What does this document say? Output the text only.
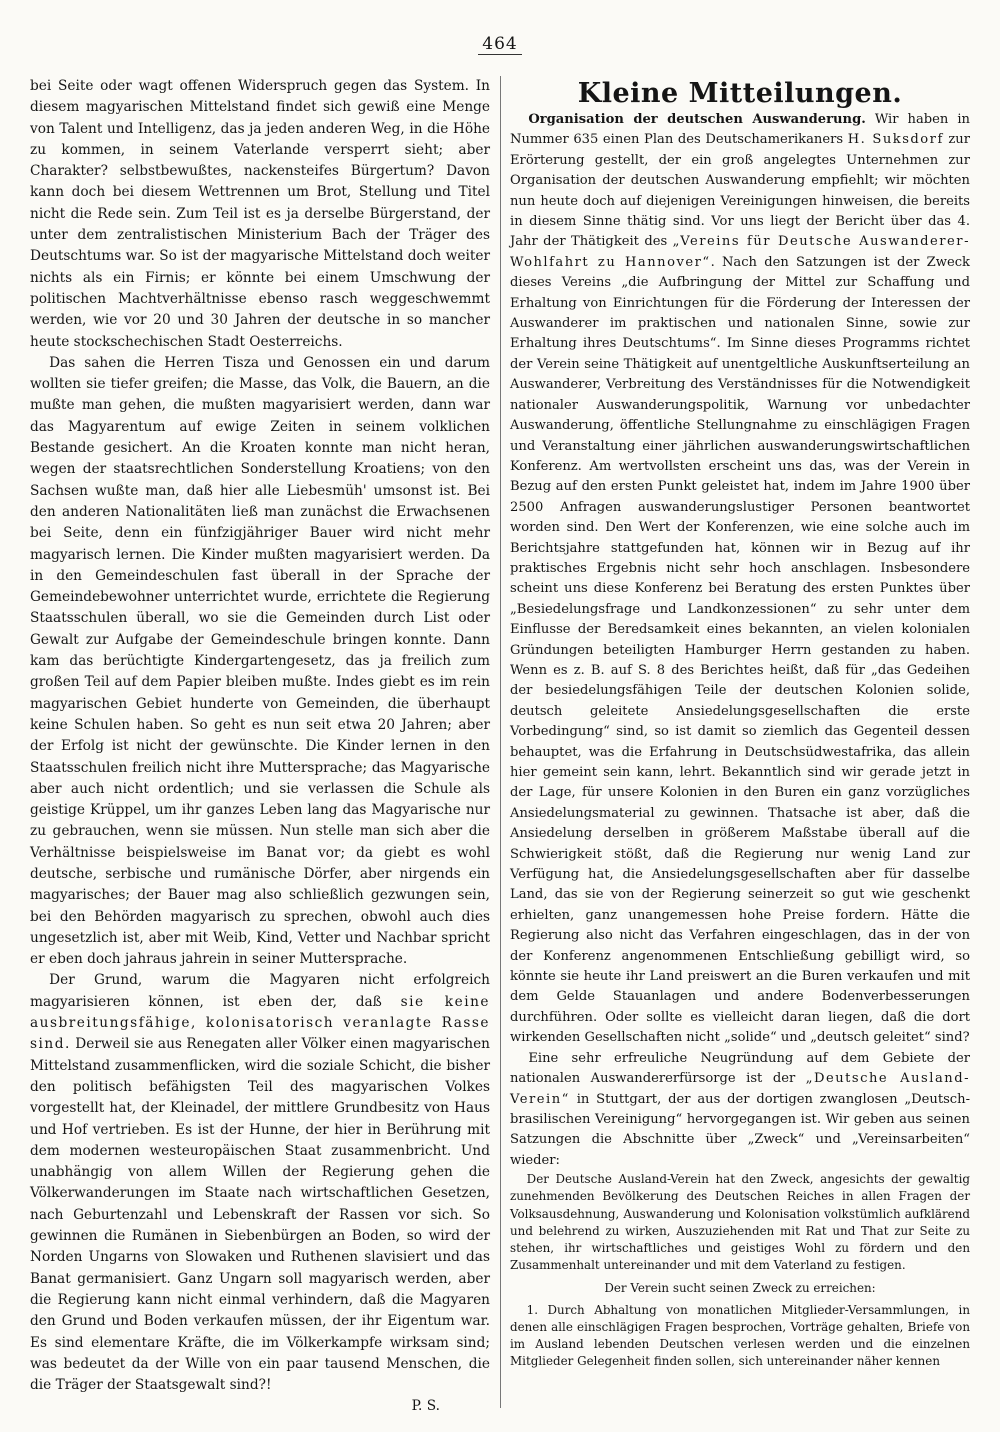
464

bei Seite oder wagt offenen Widerspruch gegen das System. In diesem magyarischen Mittelstand findet sich gewiß eine Menge von Talent und Intelligenz, das ja jeden anderen Weg, in die Höhe zu kommen, in seinem Vaterlande versperrt sieht; aber Charakter? selbstbewußtes, nackensteifes Bürgertum? Davon kann doch bei diesem Wettrennen um Brot, Stellung und Titel nicht die Rede sein. Zum Teil ist es ja derselbe Bürgerstand, der unter dem zentralistischen Ministerium Bach der Träger des Deutschtums war. So ist der magyarische Mittelstand doch weiter nichts als ein Firnis; er könnte bei einem Umschwung der politischen Machtverhältnisse ebenso rasch weggeschwemmt werden, wie vor 20 und 30 Jahren der deutsche in so mancher heute stockschechischen Stadt Oesterreichs.

Das sahen die Herren Tisza und Genossen ein und darum wollten sie tiefer greifen; die Masse, das Volk, die Bauern, an die mußte man gehen, die mußten magyarisiert werden, dann war das Magyarentum auf ewige Zeiten in seinem volklichen Bestande gesichert. An die Kroaten konnte man nicht heran, wegen der staatsrechtlichen Sonderstellung Kroatiens; von den Sachsen wußte man, daß hier alle Liebesmüh' umsonst ist. Bei den anderen Nationalitäten ließ man zunächst die Erwachsenen bei Seite, denn ein fünfzigjähriger Bauer wird nicht mehr magyarisch lernen. Die Kinder mußten magyarisiert werden. Da in den Gemeindeschulen fast überall in der Sprache der Gemeindebewohner unterrichtet wurde, errichtete die Regierung Staatsschulen überall, wo sie die Gemeinden durch List oder Gewalt zur Aufgabe der Gemeindeschule bringen konnte. Dann kam das berüchtigte Kindergartengesetz, das ja freilich zum großen Teil auf dem Papier bleiben mußte. Indes giebt es im rein magyarischen Gebiet hunderte von Gemeinden, die überhaupt keine Schulen haben. So geht es nun seit etwa 20 Jahren; aber der Erfolg ist nicht der gewünschte. Die Kinder lernen in den Staatsschulen freilich nicht ihre Muttersprache; das Magyarische aber auch nicht ordentlich; und sie verlassen die Schule als geistige Krüppel, um ihr ganzes Leben lang das Magyarische nur zu gebrauchen, wenn sie müssen. Nun stelle man sich aber die Verhältnisse beispielsweise im Banat vor; da giebt es wohl deutsche, serbische und rumänische Dörfer, aber nirgends ein magyarisches; der Bauer mag also schließlich gezwungen sein, bei den Behörden magyarisch zu sprechen, obwohl auch dies ungesetzlich ist, aber mit Weib, Kind, Vetter und Nachbar spricht er eben doch jahraus jahrein in seiner Muttersprache.

Der Grund, warum die Magyaren nicht erfolgreich magyarisieren können, ist eben der, daß sie keine ausbreitungsfähige, kolonisatorisch veranlagte Rasse sind. Derweil sie aus Renegaten aller Völker einen magyarischen Mittelstand zusammenflicken, wird die soziale Schicht, die bisher den politisch befähigsten Teil des magyarischen Volkes vorgestellt hat, der Kleinadel, der mittlere Grundbesitz von Haus und Hof vertrieben. Es ist der Hunne, der hier in Berührung mit dem modernen westeuropäischen Staat zusammenbricht. Und unabhängig von allem Willen der Regierung gehen die Völkerwanderungen im Staate nach wirtschaftlichen Gesetzen, nach Geburtenzahl und Lebenskraft der Rassen vor sich. So gewinnen die Rumänen in Siebenbürgen an Boden, so wird der Norden Ungarns von Slowaken und Ruthenen slavisiert und das Banat germanisiert. Ganz Ungarn soll magyarisch werden, aber die Regierung kann nicht einmal verhindern, daß die Magyaren den Grund und Boden verkaufen müssen, der ihr Eigentum war. Es sind elementare Kräfte, die im Völkerkampfe wirksam sind; was bedeutet da der Wille von ein paar tausend Menschen, die die Träger der Staatsgewalt sind?!

P. S.
Kleine Mitteilungen.

Organisation der deutschen Auswanderung. Wir haben in Nummer 635 einen Plan des Deutschamerikaners H. Suksdorf zur Erörterung gestellt, der ein groß angelegtes Unternehmen zur Organisation der deutschen Auswanderung empfiehlt; wir möchten nun heute doch auf diejenigen Vereinigungen hinweisen, die bereits in diesem Sinne thätig sind. Vor uns liegt der Bericht über das 4. Jahr der Thätigkeit des „Vereins für Deutsche Auswanderer-Wohlfahrt zu Hannover“. Nach den Satzungen ist der Zweck dieses Vereins „die Aufbringung der Mittel zur Schaffung und Erhaltung von Einrichtungen für die Förderung der Interessen der Auswanderer im praktischen und nationalen Sinne, sowie zur Erhaltung ihres Deutschtums“. Im Sinne dieses Programms richtet der Verein seine Thätigkeit auf unentgeltliche Auskunftserteilung an Auswanderer, Verbreitung des Verständnisses für die Notwendigkeit nationaler Auswanderungspolitik, Warnung vor unbedachter Auswanderung, öffentliche Stellungnahme zu einschlägigen Fragen und Veranstaltung einer jährlichen auswanderungswirtschaftlichen Konferenz. Am wertvollsten erscheint uns das, was der Verein in Bezug auf den ersten Punkt geleistet hat, indem im Jahre 1900 über 2500 Anfragen auswanderungslustiger Personen beantwortet worden sind. Den Wert der Konferenzen, wie eine solche auch im Berichtsjahre stattgefunden hat, können wir in Bezug auf ihr praktisches Ergebnis nicht sehr hoch anschlagen. Insbesondere scheint uns diese Konferenz bei Beratung des ersten Punktes über „Besiedelungsfrage und Landkonzessionen“ zu sehr unter dem Einflusse der Beredsamkeit eines bekannten, an vielen kolonialen Gründungen beteiligten Hamburger Herrn gestanden zu haben. Wenn es z. B. auf S. 8 des Berichtes heißt, daß für „das Gedeihen der besiedelungsfähigen Teile der deutschen Kolonien solide, deutsch geleitete Ansiedelungsgesellschaften die erste Vorbedingung“ sind, so ist damit so ziemlich das Gegenteil dessen behauptet, was die Erfahrung in Deutschsüdwestafrika, das allein hier gemeint sein kann, lehrt. Bekanntlich sind wir gerade jetzt in der Lage, für unsere Kolonien in den Buren ein ganz vorzügliches Ansiedelungsmaterial zu gewinnen. Thatsache ist aber, daß die Ansiedelung derselben in größerem Maßstabe überall auf die Schwierigkeit stößt, daß die Regierung nur wenig Land zur Verfügung hat, die Ansiedelungsgesellschaften aber für dasselbe Land, das sie von der Regierung seinerzeit so gut wie geschenkt erhielten, ganz unangemessen hohe Preise fordern. Hätte die Regierung also nicht das Verfahren eingeschlagen, das in der von der Konferenz angenommenen Entschließung gebilligt wird, so könnte sie heute ihr Land preiswert an die Buren verkaufen und mit dem Gelde Stauanlagen und andere Bodenverbesserungen durchführen. Oder sollte es vielleicht daran liegen, daß die dort wirkenden Gesellschaften nicht „solide“ und „deutsch geleitet“ sind?

Eine sehr erfreuliche Neugründung auf dem Gebiete der nationalen Auswandererfürsorge ist der „Deutsche Ausland-Verein“ in Stuttgart, der aus der dortigen zwanglosen „Deutsch-brasilischen Vereinigung“ hervorgegangen ist. Wir geben aus seinen Satzungen die Abschnitte über „Zweck“ und „Vereinsarbeiten“ wieder:

Der Deutsche Ausland-Verein hat den Zweck, angesichts der gewaltig zunehmenden Bevölkerung des Deutschen Reiches in allen Fragen der Volksausdehnung, Auswanderung und Kolonisation volkstümlich aufklärend und belehrend zu wirken, Auszuziehenden mit Rat und That zur Seite zu stehen, ihr wirtschaftliches und geistiges Wohl zu fördern und den Zusammenhalt untereinander und mit dem Vaterland zu festigen.

Der Verein sucht seinen Zweck zu erreichen:
1. Durch Abhaltung von monatlichen Mitglieder-Versammlungen, in denen alle einschlägigen Fragen besprochen, Vorträge gehalten, Briefe von im Ausland lebenden Deutschen verlesen werden und die einzelnen Mitglieder Gelegenheit finden sollen, sich untereinander näher kennen
